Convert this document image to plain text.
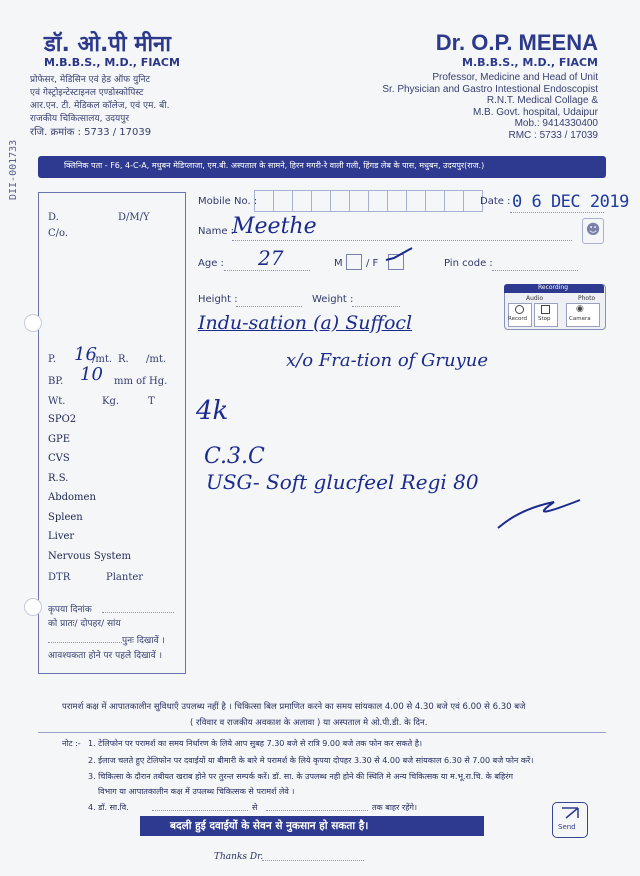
DII-001733
डॉ. ओ.पी मीना
M.B.B.S., M.D., FIACM
प्रोफेसर, मेडिसिन एवं हेड ऑफ युनिट
एवं गेस्ट्रोइन्टेस्टाइनल एण्डोस्कोपिस्ट
आर.एन. टी. मेडिकल कॉलेज, एवं एम. बी.
राजकीय चिकित्सालय, उदयपुर
रजि. क्रमांक : 5733 / 17039
Dr. O.P. MEENA
M.B.B.S., M.D., FIACM
Professor, Medicine and Head of Unit
Sr. Physician and Gastro Intestional Endoscopist
R.N.T. Medical Collage &
M.B. Govt. hospital, Udaipur
Mob.: 9414330400
RMC : 5733 / 17039
क्लिनिक पता - F6, 4-C-A, मधुबन मेडिप्लाजा, एम.बी. अस्पताल के सामने, हिरन मगरी-रे वाली गली, हिंगड लेब के पास, मधुबन, उदयपुर(राज.)
D.	D/M/Y
C/o.
P. 16
/mt. R. /mt.
BP. 10 mm of Hg.
Wt.	Kg.	T
SPO2
GPE
CVS
R.S.
Abdomen
Spleen
Liver
Nervous System
DTR	Planter
कृपया दिनांक
को प्रातः/ दोपहर/ सांय
पुनः दिखावें ।
आवश्यकता होने पर पहले दिखावें ।
Mobile No. :	Date : 0 6 DEC 2019
Name :
Meethe	☻
Age : 27	M / F	Pin code :
Height :	Weight :
Recording
Audio	Photo
Record Stop
◉
Camera
Indu-sation (a) Suffocl
x/o Fra-tion of Gruyue
4k
C.3.C
USG- Soft glucfeel Regi 80
परामर्श कक्ष में आपातकालीन सुविधाएँ उपलब्ध नहीं है । चिकित्सा बिल प्रमाणित करने का समय सांयकाल 4.00 से 4.30 बजे एवं 6.00 से 6.30 बजे
( रविवार व राजकीय अवकाश के अलावा ) या अस्पताल मे ओ.पी.डी. के दिन.
नोट :- 1. टेलिफोन पर परामर्श का समय निर्धारण के लिये आप सुबह 7.30 बजे से रात्रि 9.00 बजे तक फोन कर सकते है।
2. ईलाज चलते हुए टेलिफोन पर दवाईयों या बीमारी के बारे मे परामर्श के लिये कृपया दोपहर 3.30 से 4.00 बजे सांयकाल 6.30 से 7.00 बजे फोन करें।
3. चिकित्सा के दौरान तबीयत खराब होने पर तुरन्त सम्पर्क करें। डॉ. सा. के उपलब्ध नही होने की स्थिति मे अन्य चिकित्सक या म.भू.रा.चि. के बहिरंग
विभाग या आपातकालीन कक्ष में उपलब्ध चिकित्सक से परामर्श लेवे ।
4. डॉ. सा.वि.	से	तक बाहर रहेंगे।
बदली हुई दवाईयों के सेवन से नुकसान हो सकता है।	Send
Thanks Dr.
